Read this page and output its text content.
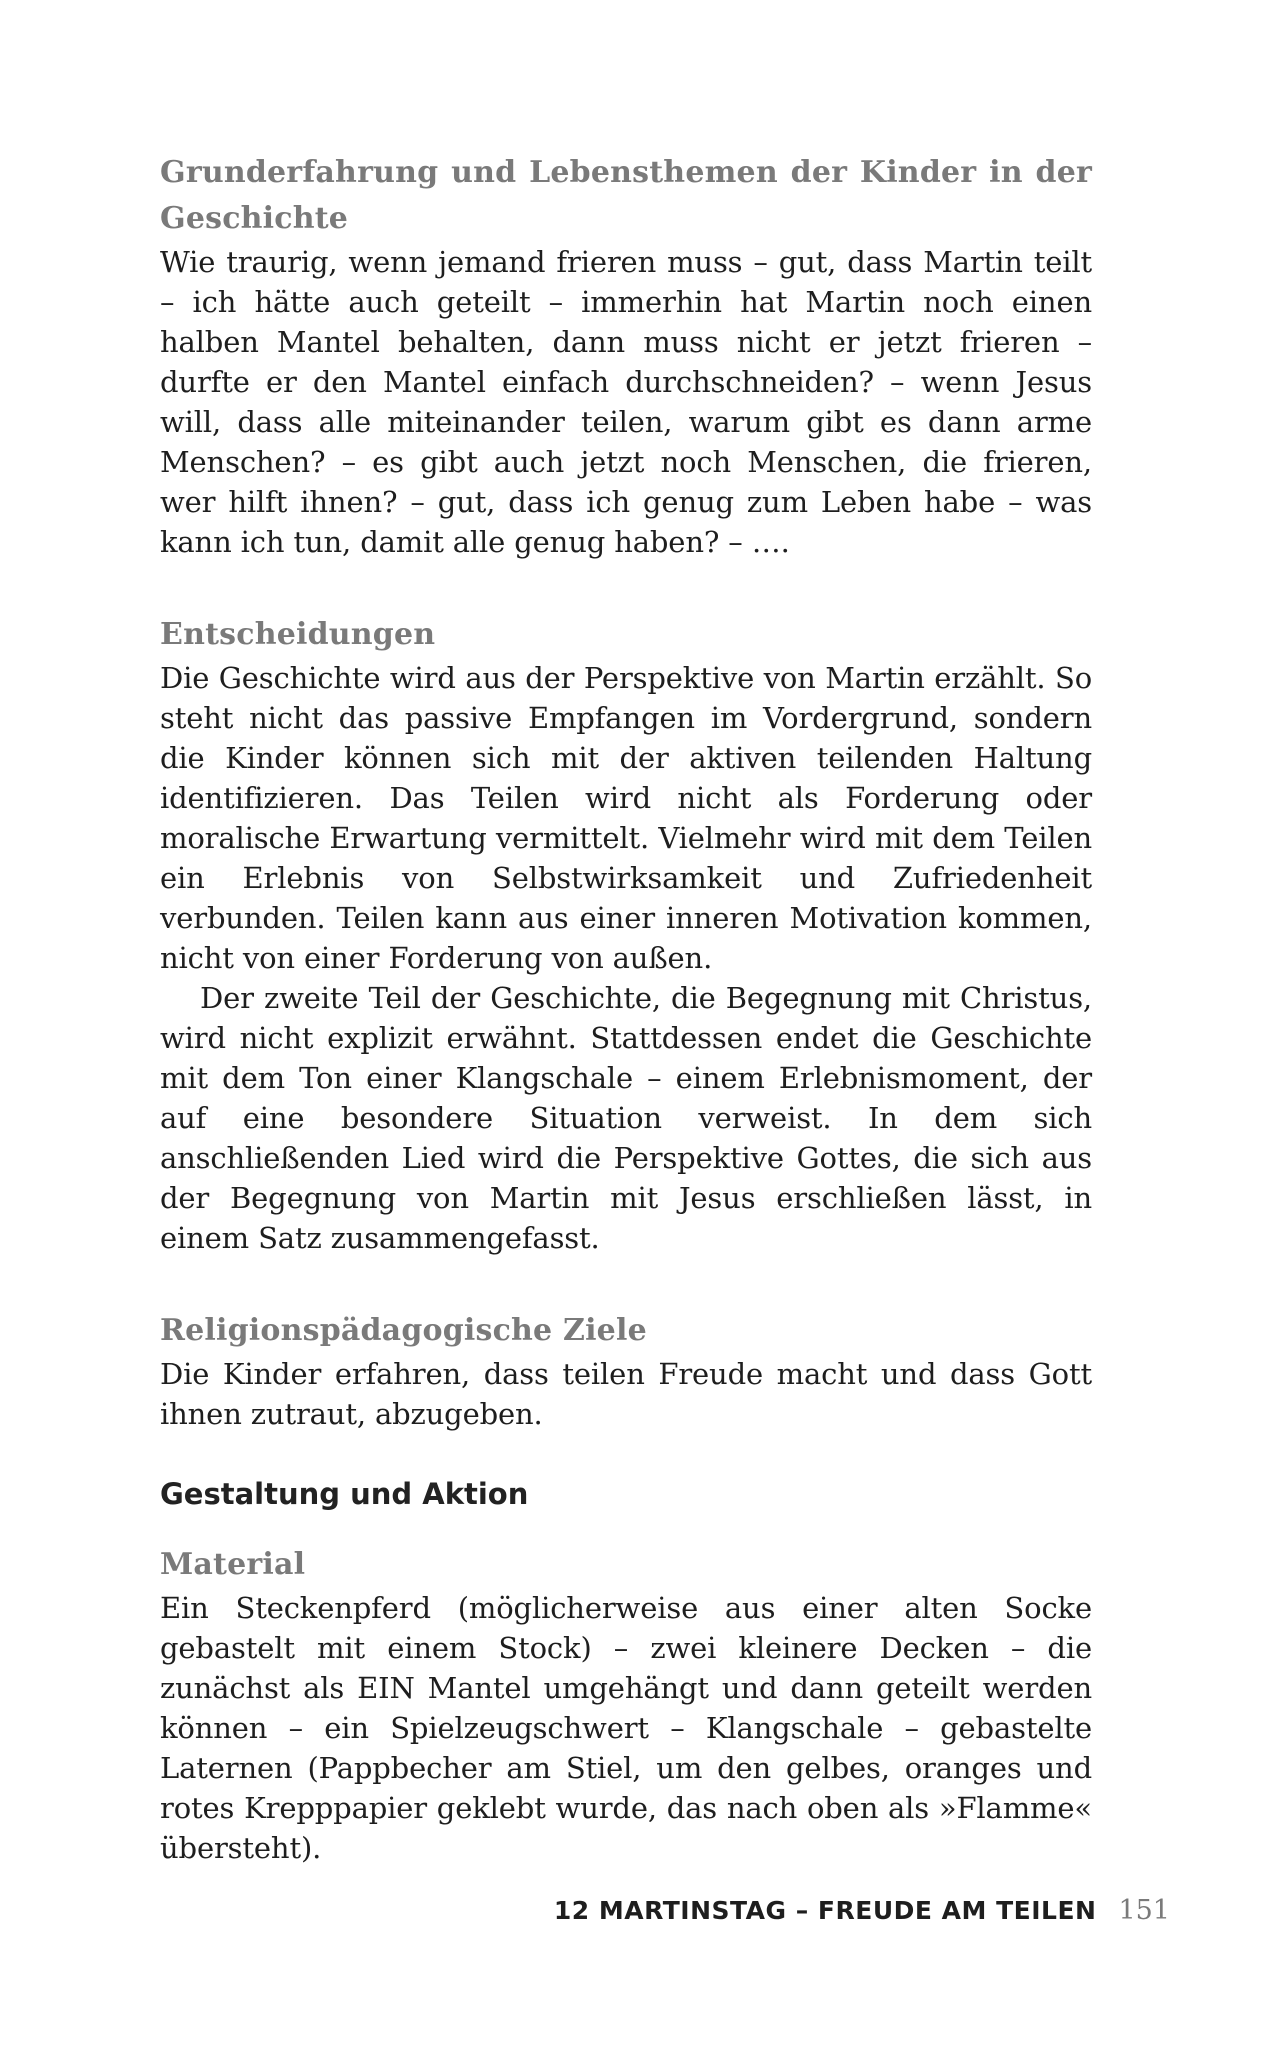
Grunderfahrung und Lebensthemen der Kinder in der Geschichte

Wie traurig, wenn jemand frieren muss – gut, dass Martin teilt – ich hätte auch geteilt – immerhin hat Martin noch einen halben Mantel behalten, dann muss nicht er jetzt frieren – durfte er den Mantel einfach durchschneiden? – wenn Jesus will, dass alle miteinander teilen, warum gibt es dann arme Menschen? – es gibt auch jetzt noch Menschen, die frieren, wer hilft ihnen? – gut, dass ich genug zum Leben habe – was kann ich tun, damit alle genug haben? – ….

Entscheidungen

Die Geschichte wird aus der Perspektive von Martin erzählt. So steht nicht das passive Empfangen im Vordergrund, sondern die Kinder können sich mit der aktiven teilenden Haltung identifizieren. Das Teilen wird nicht als Forderung oder moralische Erwartung vermittelt. Vielmehr wird mit dem Teilen ein Erlebnis von Selbstwirksamkeit und Zufriedenheit verbunden. Teilen kann aus einer inneren Motivation kommen, nicht von einer Forderung von außen.

Der zweite Teil der Geschichte, die Begegnung mit Christus, wird nicht explizit erwähnt. Stattdessen endet die Geschichte mit dem Ton einer Klangschale – einem Erlebnismoment, der auf eine besondere Situation verweist. In dem sich anschließenden Lied wird die Perspektive Gottes, die sich aus der Begegnung von Martin mit Jesus erschließen lässt, in einem Satz zusammengefasst.

Religionspädagogische Ziele

Die Kinder erfahren, dass teilen Freude macht und dass Gott ihnen zutraut, abzugeben.

Gestaltung und Aktion
Material

Ein Steckenpferd (möglicherweise aus einer alten Socke gebastelt mit einem Stock) – zwei kleinere Decken – die zunächst als EIN Mantel umgehängt und dann geteilt werden können – ein Spielzeugschwert – Klangschale – gebastelte Laternen (Pappbecher am Stiel, um den gelbes, oranges und rotes Krepppapier geklebt wurde, das nach oben als »Flamme« übersteht).

12 MARTINSTAG – FREUDE AM TEILEN 151
